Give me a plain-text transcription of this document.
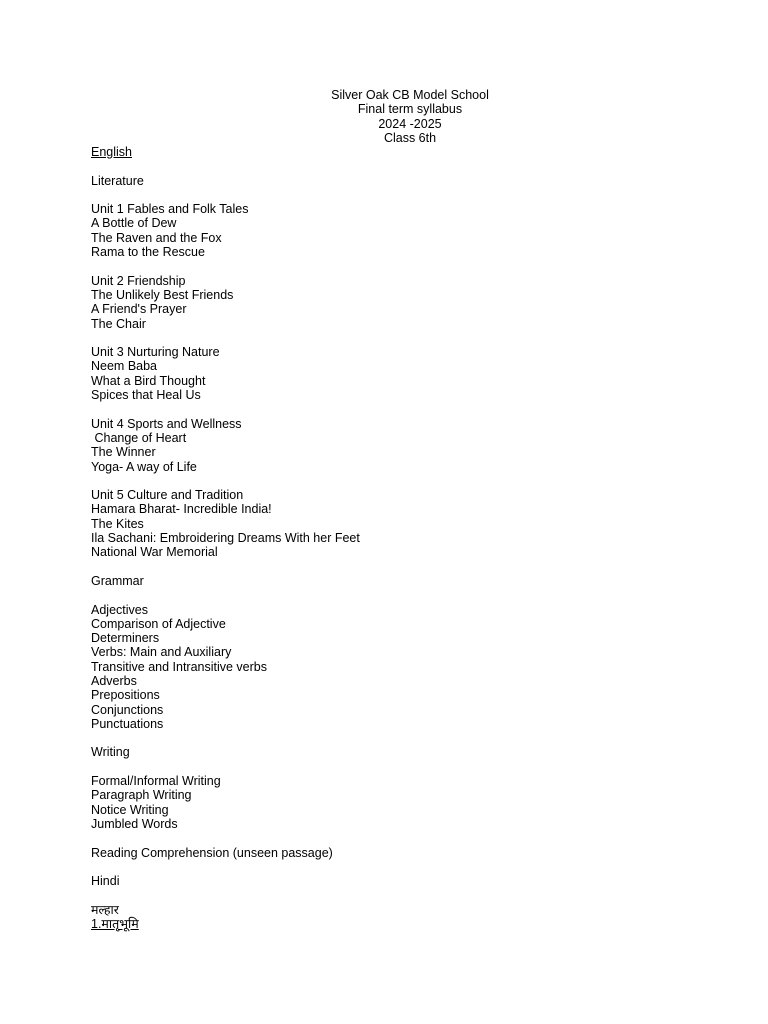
Silver Oak CB Model School
Final term syllabus
2024 -2025
Class 6th
English
Literature
Unit 1 Fables and Folk Tales
A Bottle of Dew
The Raven and the Fox
Rama to the Rescue
Unit 2 Friendship
The Unlikely Best Friends
A Friend's Prayer
The Chair
Unit 3 Nurturing Nature
Neem Baba
What a Bird Thought
Spices that Heal Us
Unit 4 Sports and Wellness
Change of Heart
The Winner
Yoga- A way of Life
Unit 5 Culture and Tradition
Hamara Bharat- Incredible India!
The Kites
Ila Sachani: Embroidering Dreams With her Feet
National War Memorial
Grammar
Adjectives
Comparison of Adjective
Determiners
Verbs: Main and Auxiliary
Transitive and Intransitive verbs
Adverbs
Prepositions
Conjunctions
Punctuations
Writing
Formal/Informal Writing
Paragraph Writing
Notice Writing
Jumbled Words
Reading Comprehension (unseen passage)
Hindi
मल्हार
1.मातृभूमि
